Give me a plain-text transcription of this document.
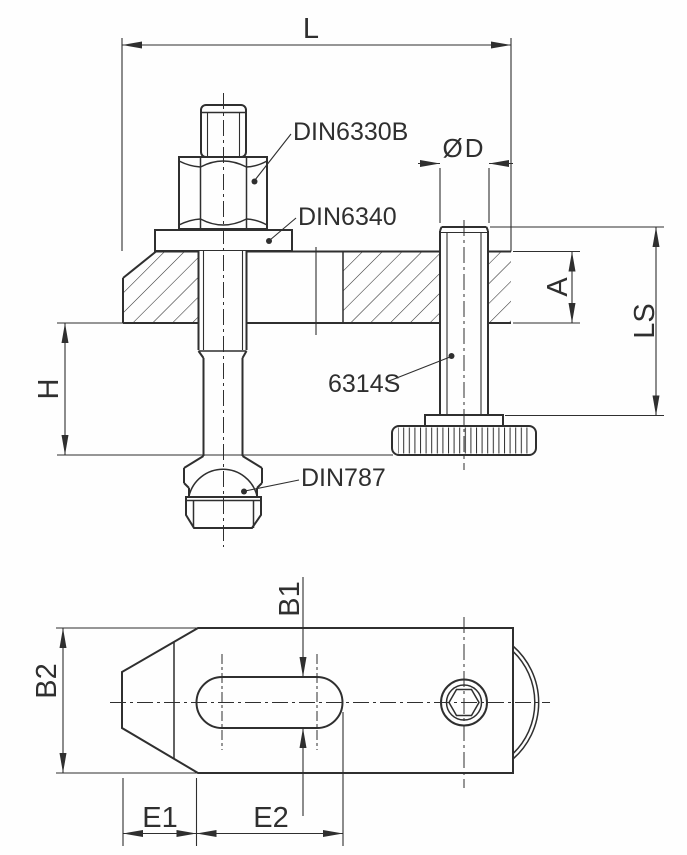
L
ØD
A
LS
H
DIN6330B
DIN6340
6314S
DIN787
B2
B1
E1	E2
